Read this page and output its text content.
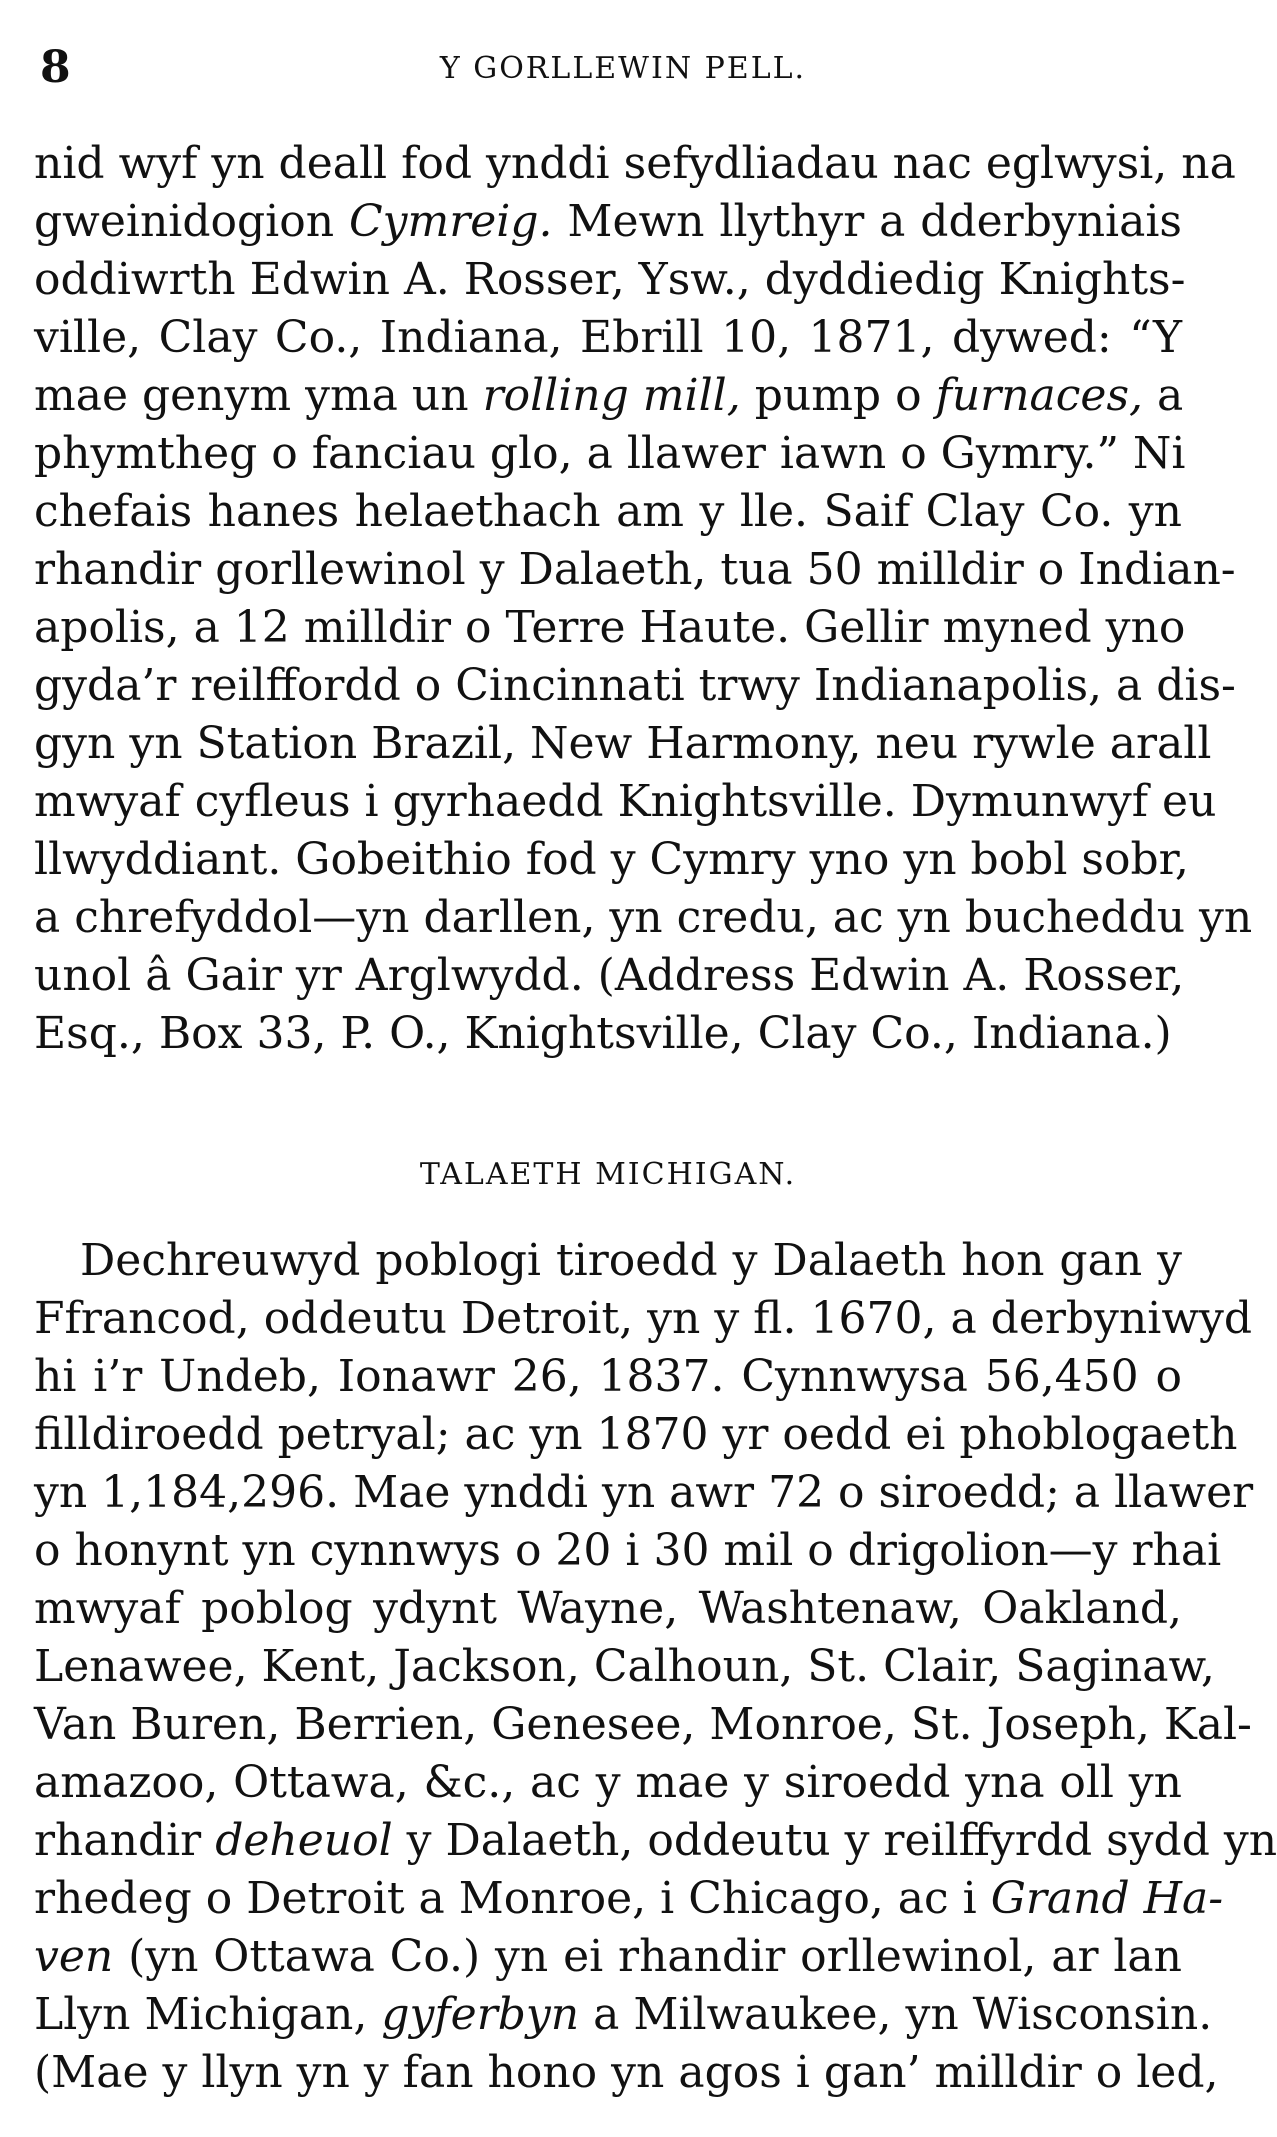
8	Y GORLLEWIN PELL.
nid wyf yn deall fod ynddi sefydliadau nac eglwysi, na
gweinidogion Cymreig. Mewn llythyr a dderbyniais
oddiwrth Edwin A. Rosser, Ysw., dyddiedig Knights-
ville, Clay Co., Indiana, Ebrill 10, 1871, dywed: “Y
mae genym yma un rolling mill, pump o furnaces, a
phymtheg o fanciau glo, a llawer iawn o Gymry.” Ni
chefais hanes helaethach am y lle. Saif Clay Co. yn
rhandir gorllewinol y Dalaeth, tua 50 milldir o Indian-
apolis, a 12 milldir o Terre Haute. Gellir myned yno
gyda’r reilffordd o Cincinnati trwy Indianapolis, a dis-
gyn yn Station Brazil, New Harmony, neu rywle arall
mwyaf cyfleus i gyrhaedd Knightsville. Dymunwyf eu
llwyddiant. Gobeithio fod y Cymry yno yn bobl sobr,
a chrefyddol—yn darllen, yn credu, ac yn bucheddu yn
unol â Gair yr Arglwydd. (Address Edwin A. Rosser,
Esq., Box 33, P. O., Knightsville, Clay Co., Indiana.)
TALAETH MICHIGAN.
Dechreuwyd poblogi tiroedd y Dalaeth hon gan y
Ffrancod, oddeutu Detroit, yn y fl. 1670, a derbyniwyd
hi i’r Undeb, Ionawr 26, 1837. Cynnwysa 56,450 o
filldiroedd petryal; ac yn 1870 yr oedd ei phoblogaeth
yn 1,184,296. Mae ynddi yn awr 72 o siroedd; a llawer
o honynt yn cynnwys o 20 i 30 mil o drigolion—y rhai
mwyaf poblog ydynt Wayne, Washtenaw, Oakland,
Lenawee, Kent, Jackson, Calhoun, St. Clair, Saginaw,
Van Buren, Berrien, Genesee, Monroe, St. Joseph, Kal-
amazoo, Ottawa, &c., ac y mae y siroedd yna oll yn
rhandir deheuol y Dalaeth, oddeutu y reilffyrdd sydd yn
rhedeg o Detroit a Monroe, i Chicago, ac i Grand Ha-
ven (yn Ottawa Co.) yn ei rhandir orllewinol, ar lan
Llyn Michigan, gyferbyn a Milwaukee, yn Wisconsin.
(Mae y llyn yn y fan hono yn agos i gan’ milldir o led,
